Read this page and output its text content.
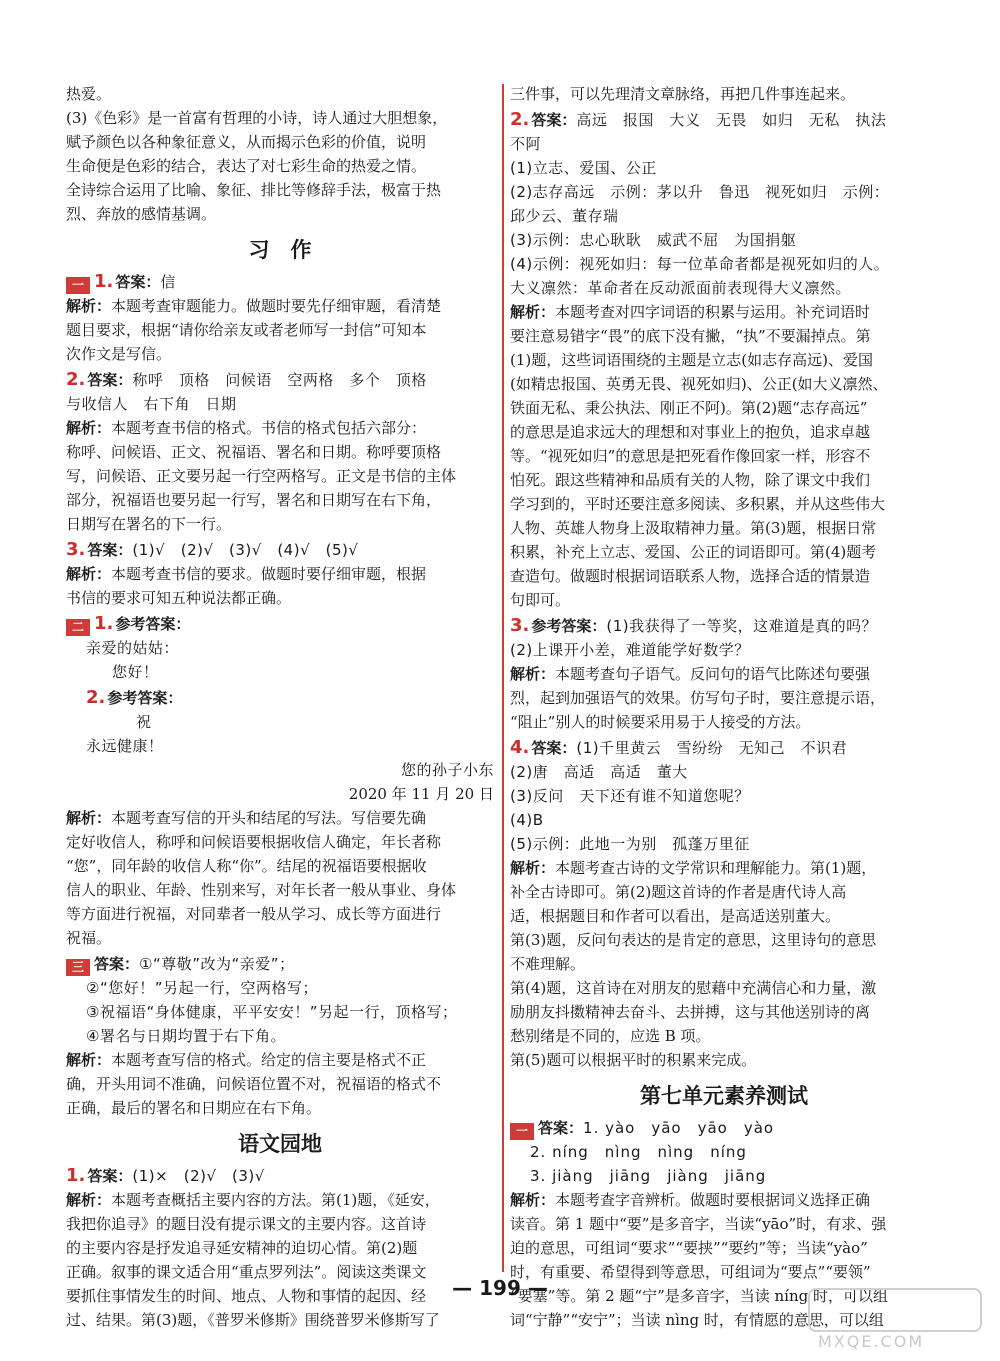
热爱。

(3)《色彩》是一首富有哲理的小诗，诗人通过大胆想象，

赋予颜色以各种象征意义，从而揭示色彩的价值，说明

生命便是色彩的结合，表达了对七彩生命的热爱之情。

全诗综合运用了比喻、象征、排比等修辞手法，极富于热

烈、奔放的感情基调。

习　作

一 1. 答案：信

解析：本题考查审题能力。做题时要先仔细审题，看清楚

题目要求，根据“请你给亲友或者老师写一封信”可知本

次作文是写信。

2. 答案：称呼　顶格　问候语　空两格　多个　顶格

与收信人　右下角　日期

解析：本题考查书信的格式。书信的格式包括六部分：

称呼、问候语、正文、祝福语、署名和日期。称呼要顶格

写，问候语、正文要另起一行空两格写。正文是书信的主体

部分，祝福语也要另起一行写，署名和日期写在右下角，

日期写在署名的下一行。

3. 答案：(1)√　(2)√　(3)√　(4)√　(5)√

解析：本题考查书信的要求。做题时要仔细审题，根据

书信的要求可知五种说法都正确。

二 1. 参考答案：

亲爱的姑姑：

您好！

2. 参考答案：

祝

永远健康！

您的孙子小东

2020 年 11 月 20 日

解析：本题考查写信的开头和结尾的写法。写信要先确

定好收信人，称呼和问候语要根据收信人确定，年长者称

“您”，同年龄的收信人称“你”。结尾的祝福语要根据收

信人的职业、年龄、性别来写，对年长者一般从事业、身体

等方面进行祝福，对同辈者一般从学习、成长等方面进行

祝福。

三 答案：①“尊敬”改为“亲爱”；

②“您好！”另起一行，空两格写；

③祝福语“身体健康，平平安安！”另起一行，顶格写；

④署名与日期均置于右下角。

解析：本题考查写信的格式。给定的信主要是格式不正

确，开头用词不准确，问候语位置不对，祝福语的格式不

正确，最后的署名和日期应在右下角。

语文园地

1. 答案：(1)×　(2)√　(3)√

解析：本题考查概括主要内容的方法。第(1)题，《延安，

我把你追寻》的题目没有提示课文的主要内容。这首诗

的主要内容是抒发追寻延安精神的迫切心情。第(2)题

正确。叙事的课文适合用“重点罗列法”。阅读这类课文

要抓住事情发生的时间、地点、人物和事情的起因、经

过、结果。第(3)题，《普罗米修斯》围绕普罗米修斯写了

三件事，可以先理清文章脉络，再把几件事连起来。

2. 答案：高远　报国　大义　无畏　如归　无私　执法

不阿

(1)立志、爱国、公正

(2)志存高远　示例：茅以升　鲁迅　视死如归　示例：

邱少云、董存瑞

(3)示例：忠心耿耿　威武不屈　为国捐躯

(4)示例：视死如归：每一位革命者都是视死如归的人。

大义凛然：革命者在反动派面前表现得大义凛然。

解析：本题考查对四字词语的积累与运用。补充词语时

要注意易错字“畏”的底下没有撇，“执”不要漏掉点。第

(1)题，这些词语围绕的主题是立志(如志存高远)、爱国

(如精忠报国、英勇无畏、视死如归)、公正(如大义凛然、

铁面无私、秉公执法、刚正不阿)。第(2)题“志存高远”

的意思是追求远大的理想和对事业上的抱负，追求卓越

等。“视死如归”的意思是把死看作像回家一样，形容不

怕死。跟这些精神和品质有关的人物，除了课文中我们

学习到的，平时还要注意多阅读、多积累，并从这些伟大

人物、英雄人物身上汲取精神力量。第(3)题，根据日常

积累，补充上立志、爱国、公正的词语即可。第(4)题考

查造句。做题时根据词语联系人物，选择合适的情景造

句即可。

3. 参考答案：(1)我获得了一等奖，这难道是真的吗？

(2)上课开小差，难道能学好数学？

解析：本题考查句子语气。反问句的语气比陈述句要强

烈，起到加强语气的效果。仿写句子时，要注意提示语，

“阻止”别人的时候要采用易于人接受的方法。

4. 答案：(1)千里黄云　雪纷纷　无知己　不识君

(2)唐　高适　高适　董大

(3)反问　天下还有谁不知道您呢？

(4)B

(5)示例：此地一为别　孤蓬万里征

解析：本题考查古诗的文学常识和理解能力。第(1)题，

补全古诗即可。第(2)题这首诗的作者是唐代诗人高

适，根据题目和作者可以看出，是高适送别董大。

第(3)题，反问句表达的是肯定的意思，这里诗句的意思

不难理解。

第(4)题，这首诗在对朋友的慰藉中充满信心和力量，激

励朋友抖擞精神去奋斗、去拼搏，这与其他送别诗的离

愁别绪是不同的，应选 B 项。

第(5)题可以根据平时的积累来完成。

第七单元素养测试

一 答案：1. yào　yāo　yāo　yào

2. níng　nìng　nìng　níng

3. jiàng　jiāng　jiàng　jiāng

解析：本题考查字音辨析。做题时要根据词义选择正确

读音。第 1 题中“要”是多音字，当读“yāo”时，有求、强

迫的意思，可组词“要求”“要挟”“要约”等；当读“yào”

时，有重要、希望得到等意思，可组词为“要点”“要领”

“要塞”等。第 2 题“宁”是多音字，当读 níng 时，可以组

词“宁静”“安宁”；当读 nìng 时，有情愿的意思，可以组

— 199 —
MXQE.COM
